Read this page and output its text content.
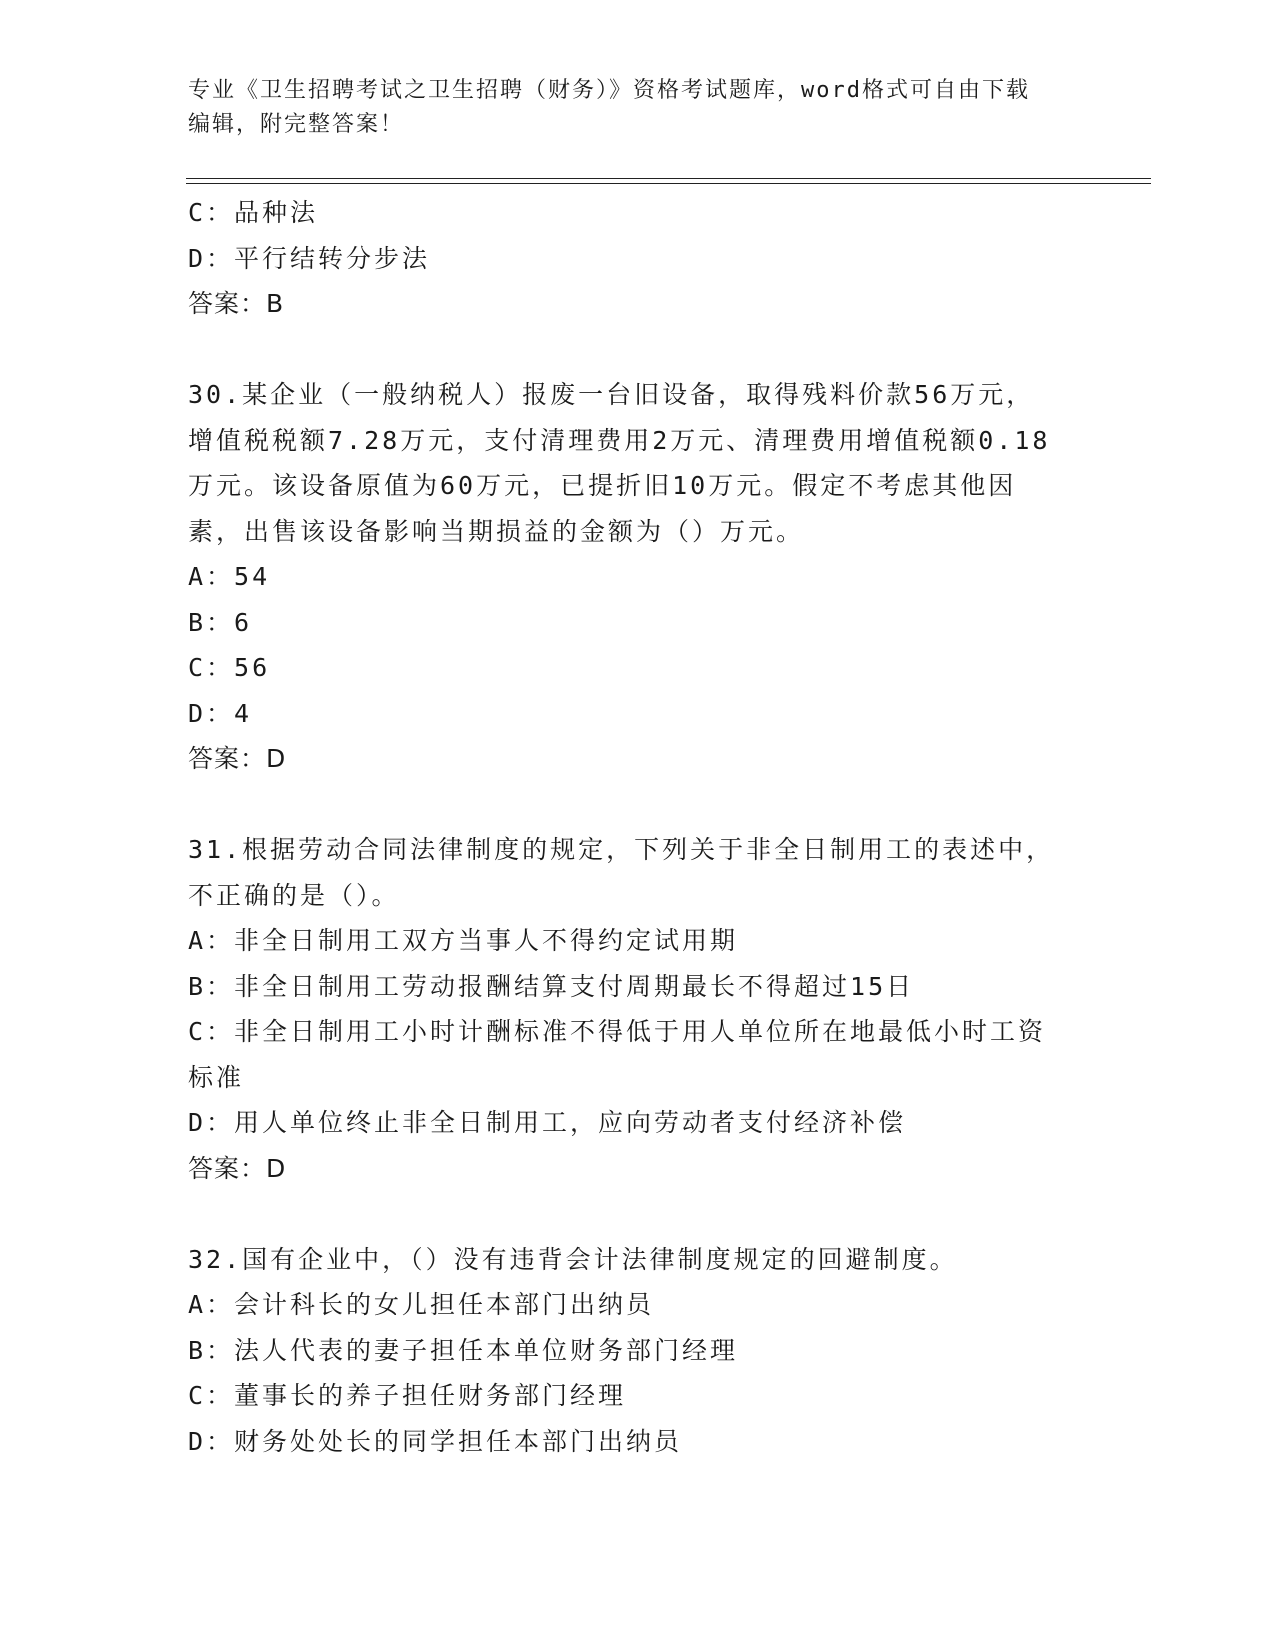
专业《卫生招聘考试之卫生招聘（财务）》资格考试题库，word格式可自由下载
编辑，附完整答案！
C：品种法
D：平行结转分步法
答案：B
30.某企业（一般纳税人）报废一台旧设备，取得残料价款56万元，
增值税税额7.28万元，支付清理费用2万元、清理费用增值税额0.18
万元。该设备原值为60万元，已提折旧10万元。假定不考虑其他因
素，出售该设备影响当期损益的金额为（）万元。
A：54
B：6
C：56
D：4
答案：D
31.根据劳动合同法律制度的规定，下列关于非全日制用工的表述中，
不正确的是（）。
A：非全日制用工双方当事人不得约定试用期
B：非全日制用工劳动报酬结算支付周期最长不得超过15日
C：非全日制用工小时计酬标准不得低于用人单位所在地最低小时工资
标准
D：用人单位终止非全日制用工，应向劳动者支付经济补偿
答案：D
32.国有企业中，（）没有违背会计法律制度规定的回避制度。
A：会计科长的女儿担任本部门出纳员
B：法人代表的妻子担任本单位财务部门经理
C：董事长的养子担任财务部门经理
D：财务处处长的同学担任本部门出纳员
